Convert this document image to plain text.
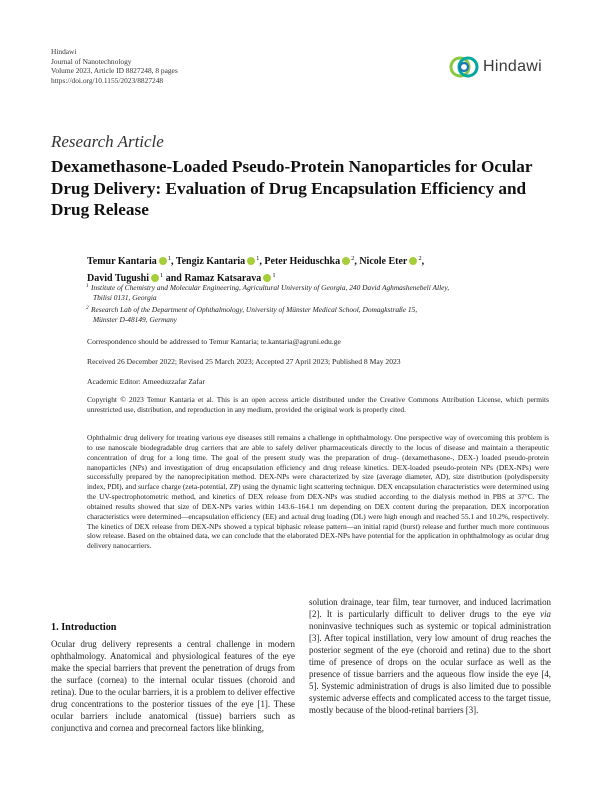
Hindawi
Journal of Nanotechnology
Volume 2023, Article ID 8827248, 8 pages
https://doi.org/10.1155/2023/8827248
Hindawi
Research Article
Dexamethasone-Loaded Pseudo-Protein Nanoparticles for Ocular Drug Delivery: Evaluation of Drug Encapsulation Efficiency and Drug Release
Temur Kantaria $^1$, Tengiz Kantaria $^1$, Peter Heiduschka $^2$, Nicole Eter $^2$,
David Tugushi $^1$ and Ramaz Katsarava $^1$
1 Institute of Chemistry and Molecular Engineering, Agricultural University of Georgia, 240 David Aghmashenebeli Alley,
Tbilisi 0131, Georgia
2 Research Lab of the Department of Ophthalmology, University of Münster Medical School, Domagkstraße 15,
Münster D-48149, Germany
Correspondence should be addressed to Temur Kantaria; te.kantaria@agruni.edu.ge
Received 26 December 2022; Revised 25 March 2023; Accepted 27 April 2023; Published 8 May 2023
Academic Editor: Ameeduzzafar Zafar
Copyright © 2023 Temur Kantaria et al. This is an open access article distributed under the Creative Commons Attribution License, which permits unrestricted use, distribution, and reproduction in any medium, provided the original work is properly cited.
Ophthalmic drug delivery for treating various eye diseases still remains a challenge in ophthalmology. One perspective way of overcoming this problem is to use nanoscale biodegradable drug carriers that are able to safely deliver pharmaceuticals directly to the locus of disease and maintain a therapeutic concentration of drug for a long time. The goal of the present study was the preparation of drug- (dexamethasone-, DEX-) loaded pseudo-protein nanoparticles (NPs) and investigation of drug encapsulation efficiency and drug release kinetics. DEX-loaded pseudo-protein NPs (DEX-NPs) were successfully prepared by the nanoprecipitation method. DEX-NPs were characterized by size (average diameter, AD), size distribution (polydispersity index, PDI), and surface charge (zeta-potential, ZP) using the dynamic light scattering technique. DEX encapsulation characteristics were determined using the UV-spectrophotometric method, and kinetics of DEX release from DEX-NPs was studied according to the dialysis method in PBS at 37°C. The obtained results showed that size of DEX-NPs varies within 143.6–164.1 nm depending on DEX content during the preparation. DEX incorporation characteristics were determined—encapsulation efficiency (EE) and actual drug loading (DL) were high enough and reached 55.1 and 10.2%, respectively. The kinetics of DEX release from DEX-NPs showed a typical biphasic release pattern—an initial rapid (burst) release and further much more continuous slow release. Based on the obtained data, we can conclude that the elaborated DEX-NPs have potential for the application in ophthalmology as ocular drug delivery nanocarriers.
1. Introduction
Ocular drug delivery represents a central challenge in modern ophthalmology. Anatomical and physiological features of the eye make the special barriers that prevent the penetration of drugs from the surface (cornea) to the internal ocular tissues (choroid and retina). Due to the ocular barriers, it is a problem to deliver effective drug concentrations to the posterior tissues of the eye [1]. These ocular barriers include anatomical (tissue) barriers such as conjunctiva and cornea and precorneal factors like blinking,
solution drainage, tear film, tear turnover, and induced lacrimation [2]. It is particularly difficult to deliver drugs to the eye via noninvasive techniques such as systemic or topical administration [3]. After topical instillation, very low amount of drug reaches the posterior segment of the eye (choroid and retina) due to the short time of presence of drops on the ocular surface as well as the presence of tissue barriers and the aqueous flow inside the eye [4, 5]. Systemic administration of drugs is also limited due to possible systemic adverse effects and complicated access to the target tissue, mostly because of the blood-retinal barriers [3].
